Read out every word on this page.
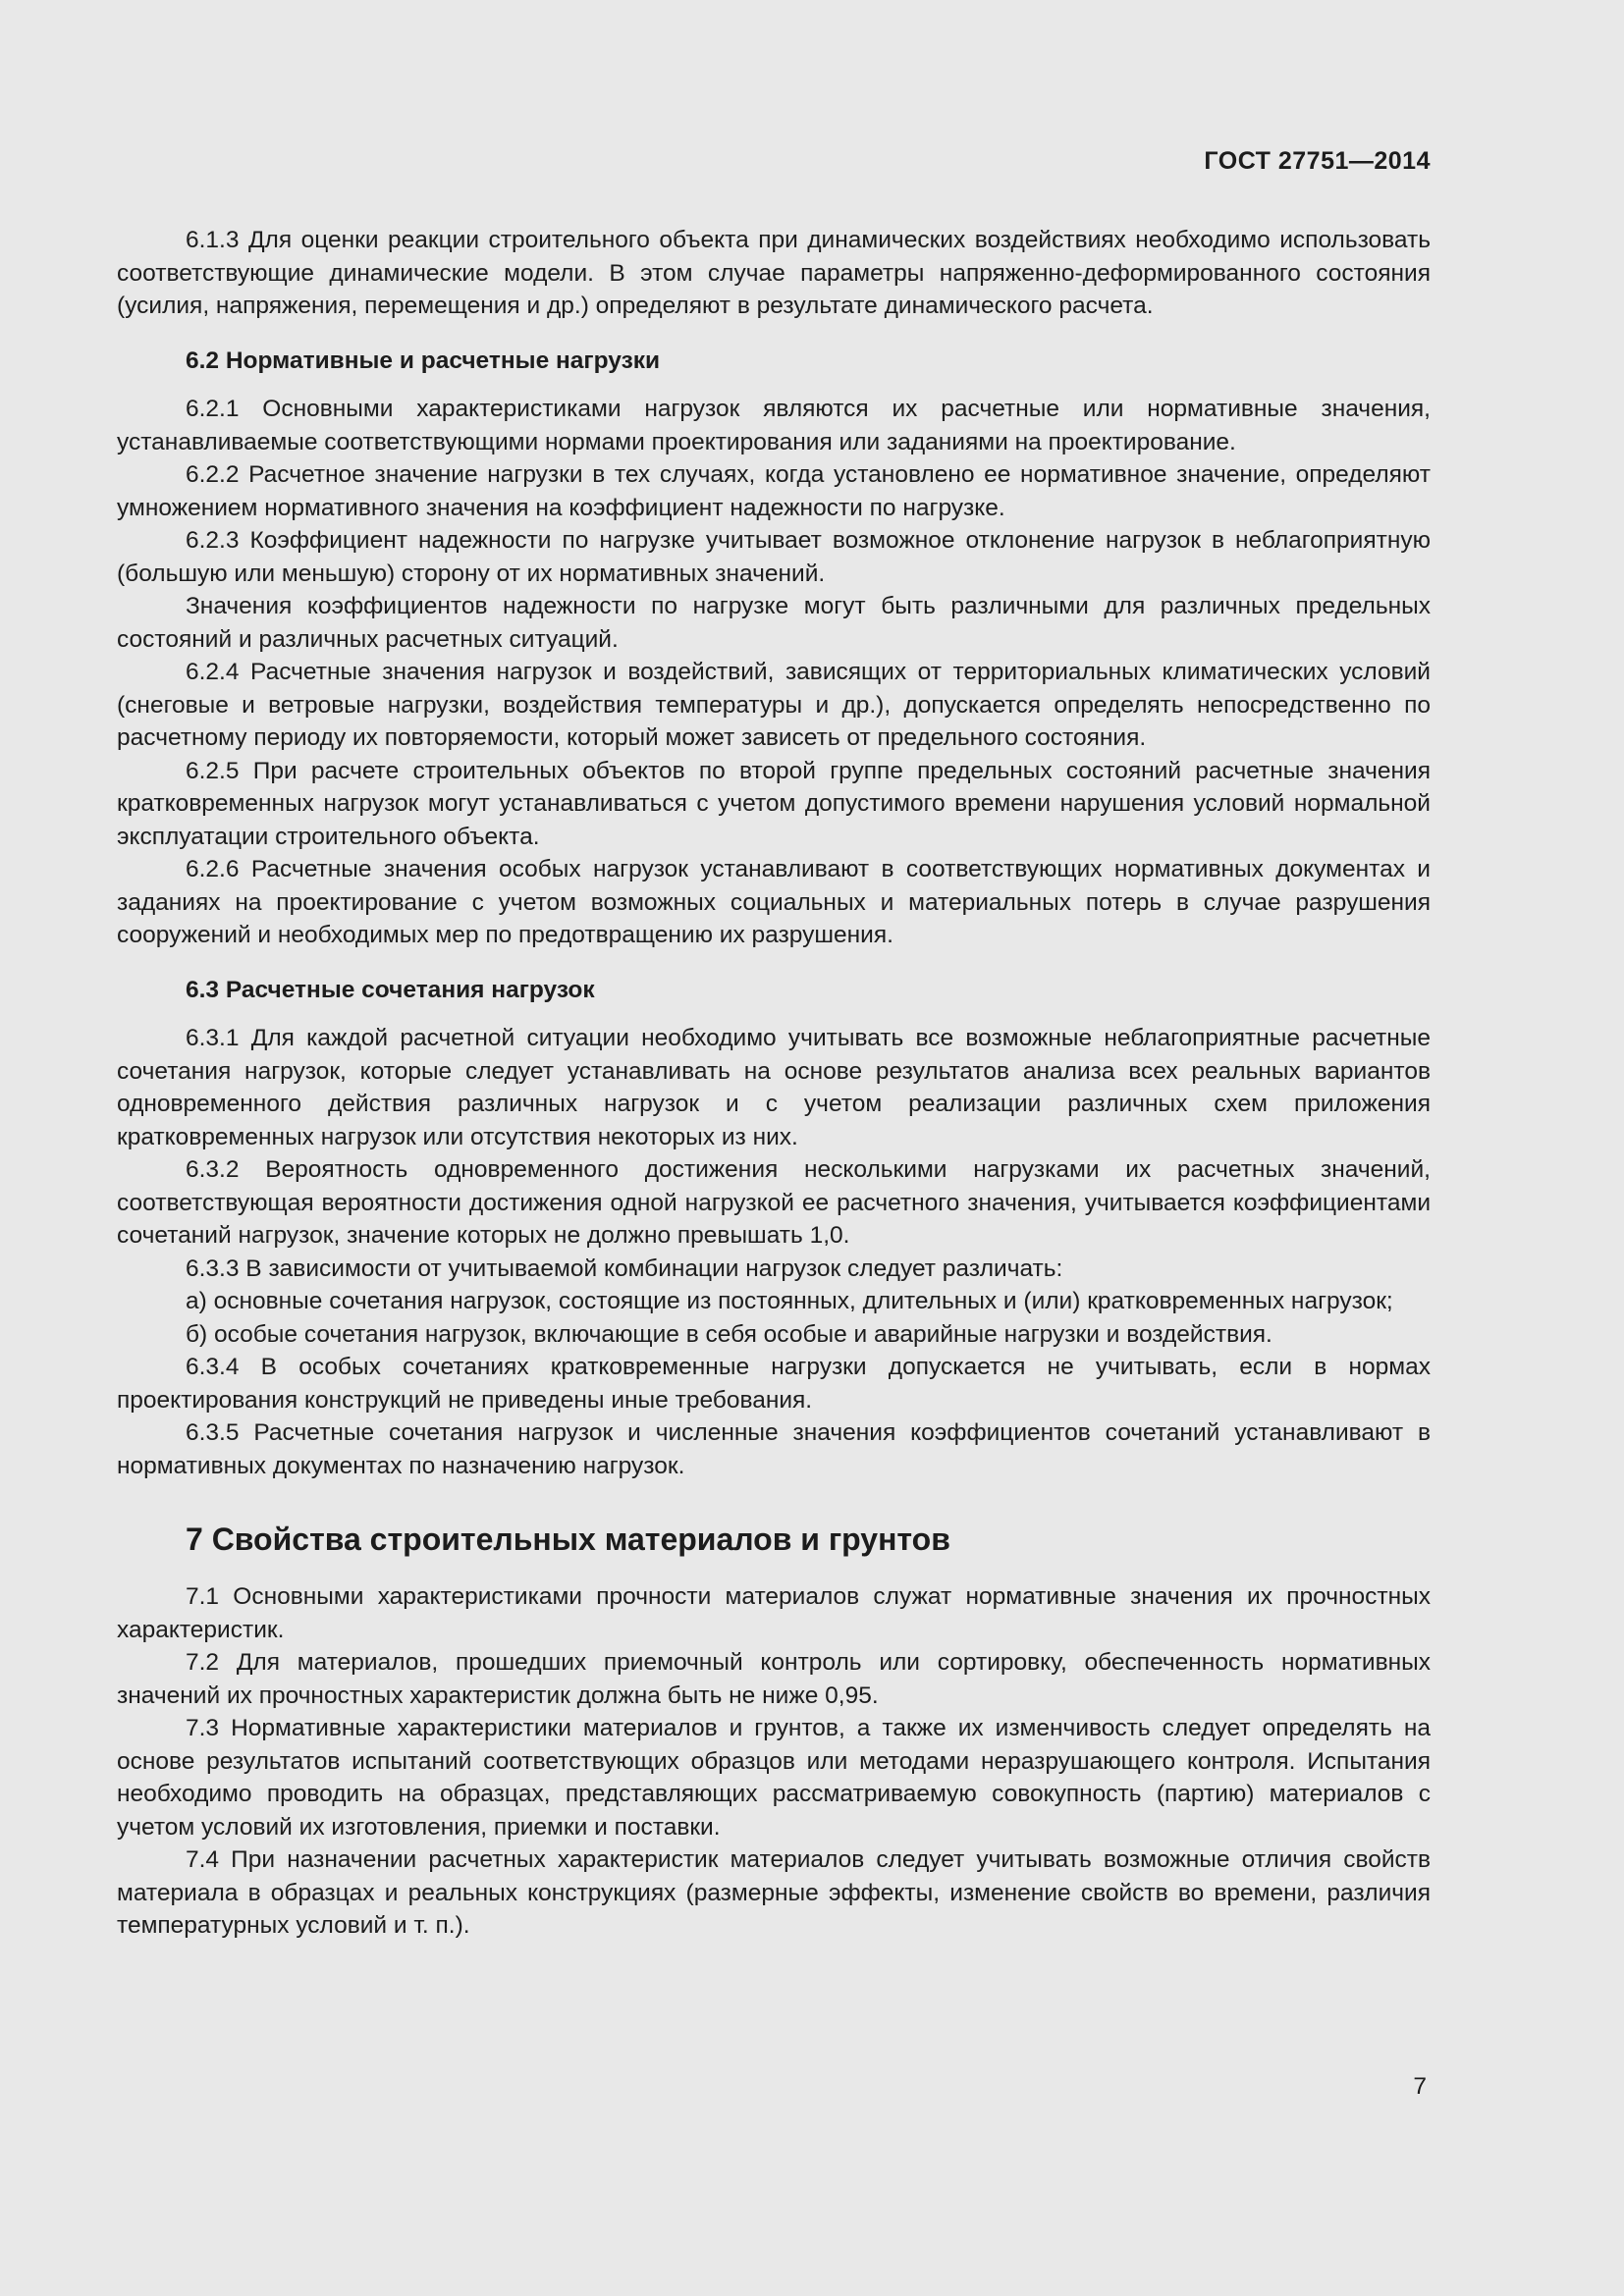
ГОСТ 27751—2014

6.1.3 Для оценки реакции строительного объекта при динамических воздействиях необходимо использовать соответствующие динамические модели. В этом случае параметры напряженно-деформированного состояния (усилия, напряжения, перемещения и др.) определяют в результате динамического расчета.

6.2 Нормативные и расчетные нагрузки

6.2.1 Основными характеристиками нагрузок являются их расчетные или нормативные значения, устанавливаемые соответствующими нормами проектирования или заданиями на проектирование.

6.2.2 Расчетное значение нагрузки в тех случаях, когда установлено ее нормативное значение, определяют умножением нормативного значения на коэффициент надежности по нагрузке.

6.2.3 Коэффициент надежности по нагрузке учитывает возможное отклонение нагрузок в неблагоприятную (большую или меньшую) сторону от их нормативных значений.

Значения коэффициентов надежности по нагрузке могут быть различными для различных предельных состояний и различных расчетных ситуаций.

6.2.4 Расчетные значения нагрузок и воздействий, зависящих от территориальных климатических условий (снеговые и ветровые нагрузки, воздействия температуры и др.), допускается определять непосредственно по расчетному периоду их повторяемости, который может зависеть от предельного состояния.

6.2.5 При расчете строительных объектов по второй группе предельных состояний расчетные значения кратковременных нагрузок могут устанавливаться с учетом допустимого времени нарушения условий нормальной эксплуатации строительного объекта.

6.2.6 Расчетные значения особых нагрузок устанавливают в соответствующих нормативных документах и заданиях на проектирование с учетом возможных социальных и материальных потерь в случае разрушения сооружений и необходимых мер по предотвращению их разрушения.

6.3 Расчетные сочетания нагрузок

6.3.1 Для каждой расчетной ситуации необходимо учитывать все возможные неблагоприятные расчетные сочетания нагрузок, которые следует устанавливать на основе результатов анализа всех реальных вариантов одновременного действия различных нагрузок и с учетом реализации различных схем приложения кратковременных нагрузок или отсутствия некоторых из них.

6.3.2 Вероятность одновременного достижения несколькими нагрузками их расчетных значений, соответствующая вероятности достижения одной нагрузкой ее расчетного значения, учитывается коэффициентами сочетаний нагрузок, значение которых не должно превышать 1,0.

6.3.3 В зависимости от учитываемой комбинации нагрузок следует различать:

а) основные сочетания нагрузок, состоящие из постоянных, длительных и (или) кратковременных нагрузок;

б) особые сочетания нагрузок, включающие в себя особые и аварийные нагрузки и воздействия.

6.3.4 В особых сочетаниях кратковременные нагрузки допускается не учитывать, если в нормах проектирования конструкций не приведены иные требования.

6.3.5 Расчетные сочетания нагрузок и численные значения коэффициентов сочетаний устанавливают в нормативных документах по назначению нагрузок.

7 Свойства строительных материалов и грунтов

7.1 Основными характеристиками прочности материалов служат нормативные значения их прочностных характеристик.

7.2 Для материалов, прошедших приемочный контроль или сортировку, обеспеченность нормативных значений их прочностных характеристик должна быть не ниже 0,95.

7.3 Нормативные характеристики материалов и грунтов, а также их изменчивость следует определять на основе результатов испытаний соответствующих образцов или методами неразрушающего контроля. Испытания необходимо проводить на образцах, представляющих рассматриваемую совокупность (партию) материалов с учетом условий их изготовления, приемки и поставки.

7.4 При назначении расчетных характеристик материалов следует учитывать возможные отличия свойств материала в образцах и реальных конструкциях (размерные эффекты, изменение свойств во времени, различия температурных условий и т. п.).

7
